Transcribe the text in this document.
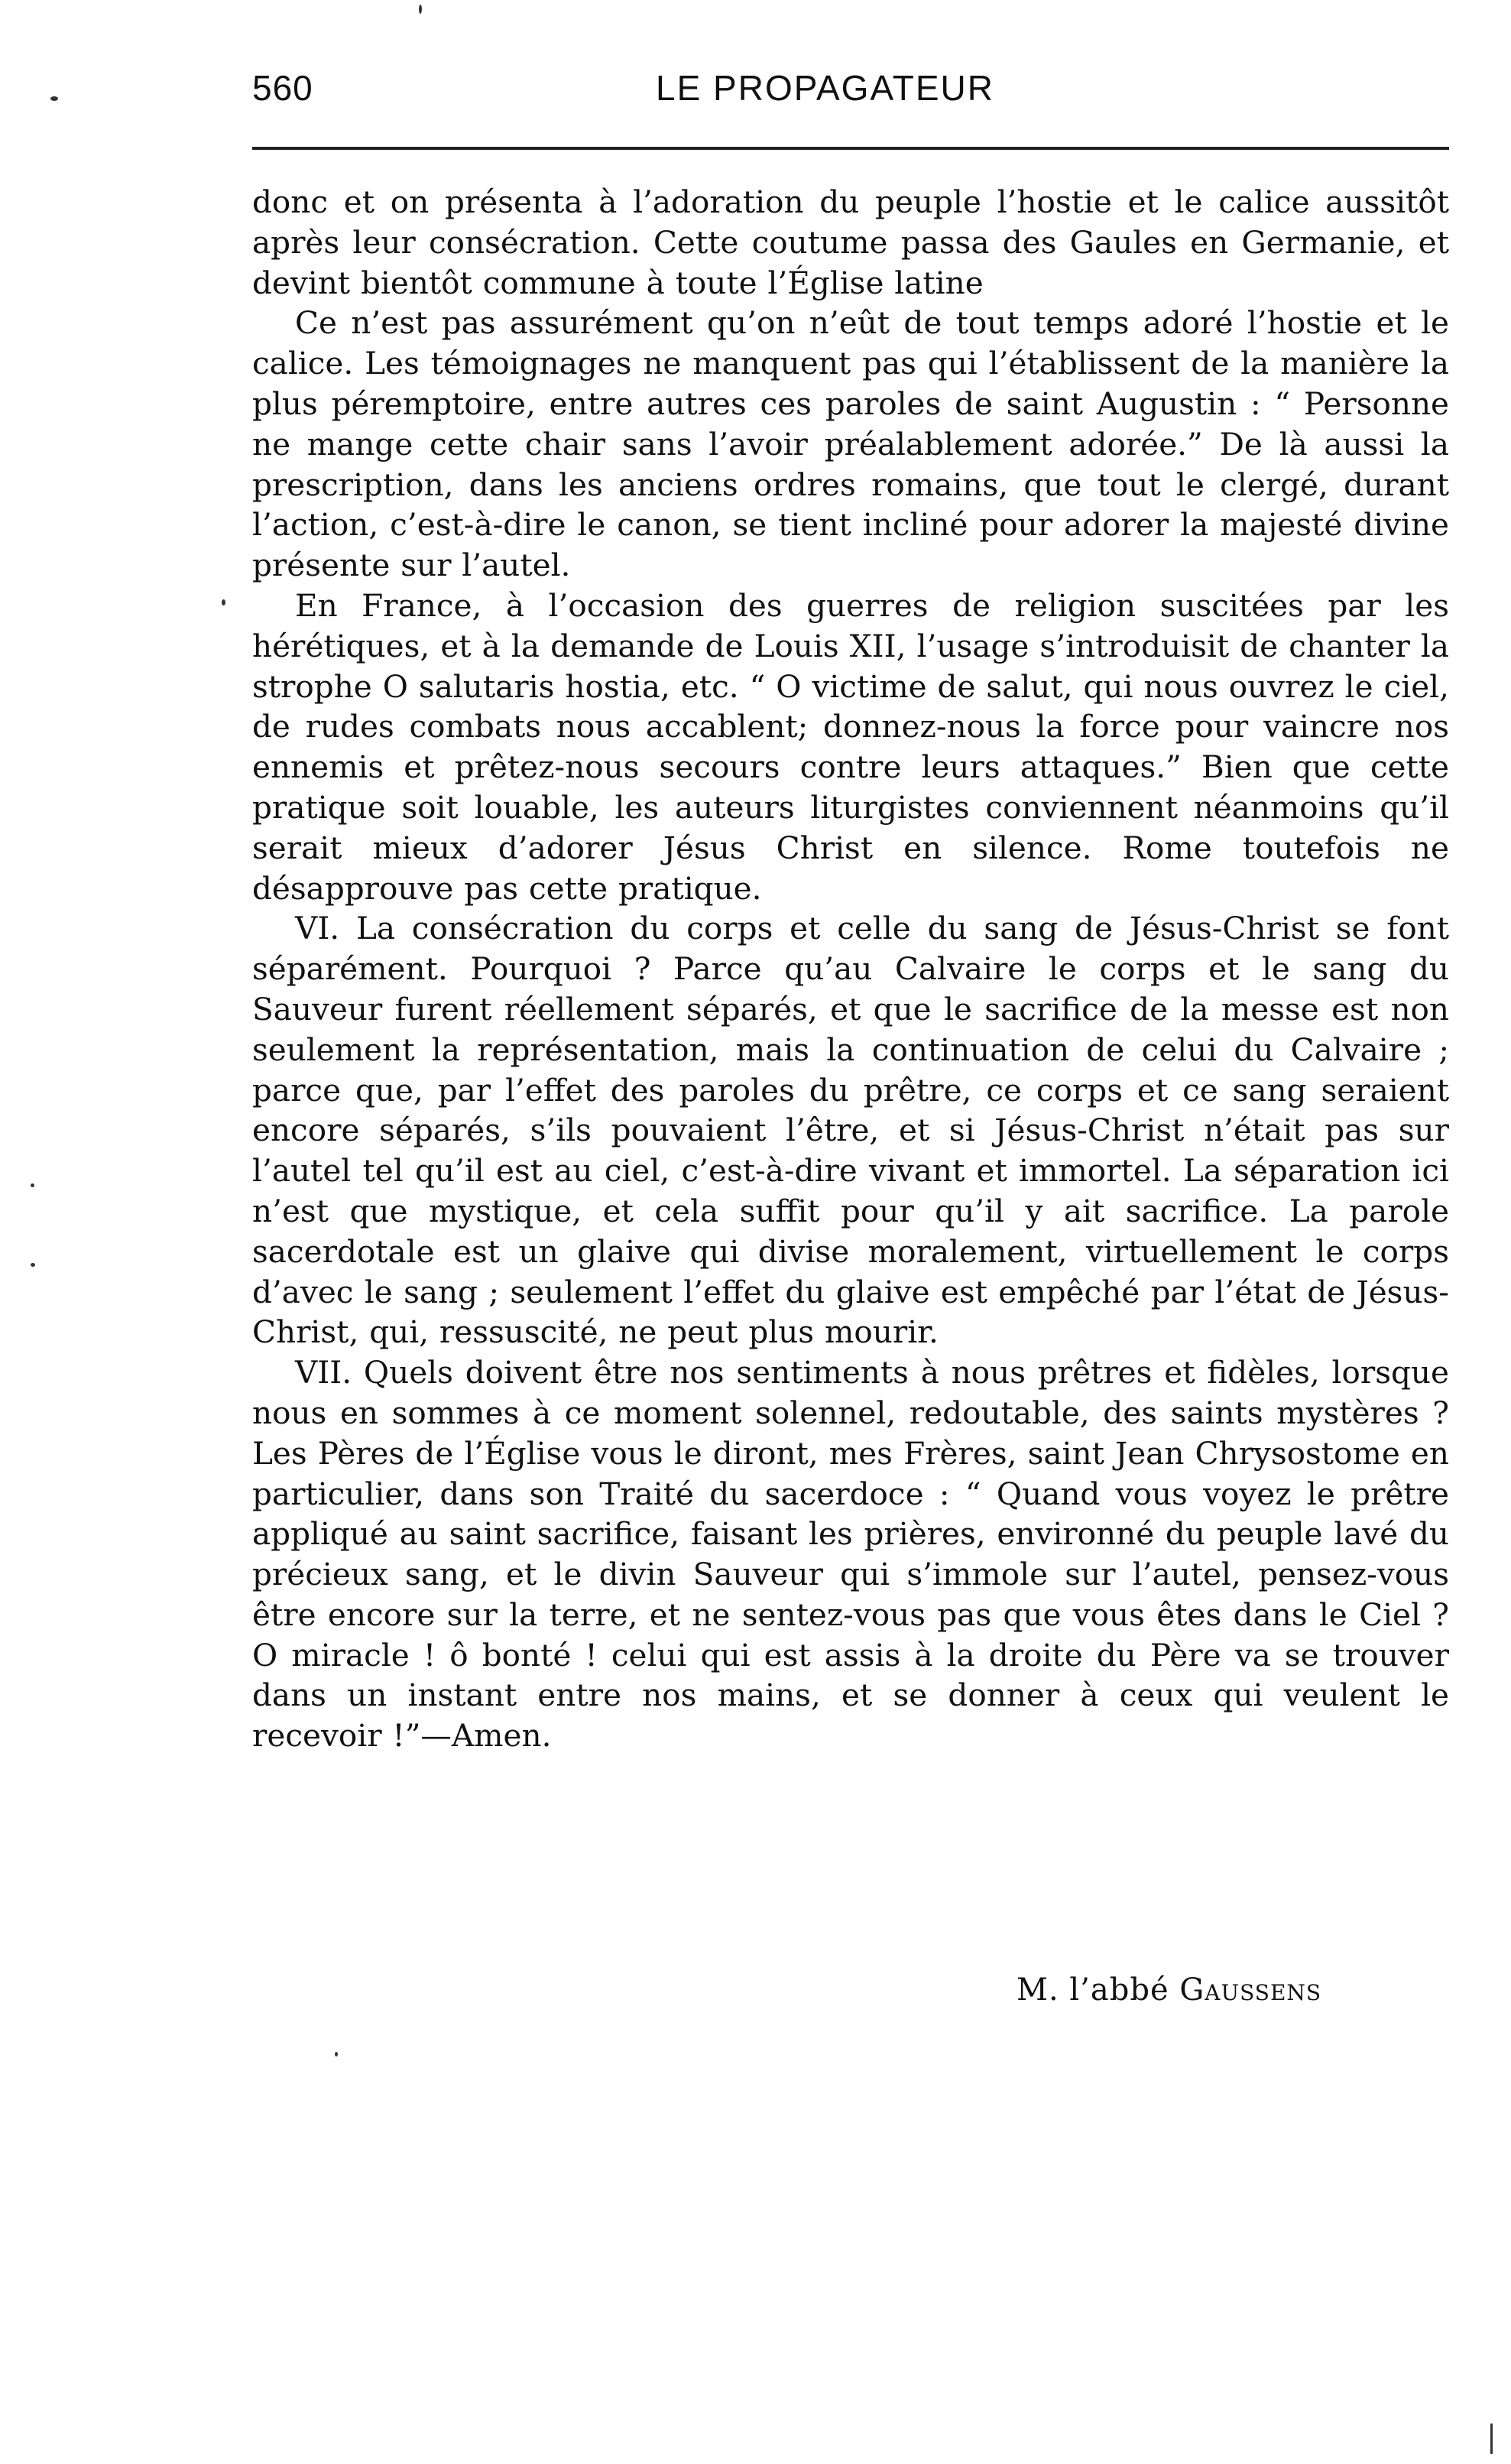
560	LE PROPAGATEUR

donc et on présenta à l’adoration du peuple l’hostie et le calice aussitôt après leur consécration. Cette coutume passa des Gaules en Germanie, et devint bientôt commune à toute l’Église latine

Ce n’est pas assurément qu’on n’eût de tout temps adoré l’hostie et le calice. Les témoignages ne manquent pas qui l’établissent de la manière la plus péremptoire, entre autres ces paroles de saint Augustin : “ Personne ne mange cette chair sans l’avoir préalablement adorée.” De là aussi la prescription, dans les anciens ordres romains, que tout le clergé, durant l’action, c’est-à-dire le canon, se tient incliné pour adorer la majesté divine présente sur l’autel.

En France, à l’occasion des guerres de religion suscitées par les hérétiques, et à la demande de Louis XII, l’usage s’introduisit de chanter la strophe O salutaris hostia, etc. “ O victime de salut, qui nous ouvrez le ciel, de rudes combats nous accablent; donnez-nous la force pour vaincre nos ennemis et prêtez-nous secours contre leurs attaques.” Bien que cette pratique soit louable, les auteurs liturgistes conviennent néanmoins qu’il serait mieux d’adorer Jésus Christ en silence. Rome toutefois ne désapprouve pas cette pratique.

VI. La consécration du corps et celle du sang de Jésus-Christ se font séparément. Pourquoi ? Parce qu’au Calvaire le corps et le sang du Sauveur furent réellement séparés, et que le sacrifice de la messe est non seulement la représentation, mais la continuation de celui du Calvaire ; parce que, par l’effet des paroles du prêtre, ce corps et ce sang seraient encore séparés, s’ils pouvaient l’être, et si Jésus-Christ n’était pas sur l’autel tel qu’il est au ciel, c’est-à-dire vivant et immortel. La séparation ici n’est que mystique, et cela suffit pour qu’il y ait sacrifice. La parole sacerdotale est un glaive qui divise moralement, virtuellement le corps d’avec le sang ; seulement l’effet du glaive est empêché par l’état de Jésus-Christ, qui, ressuscité, ne peut plus mourir.

VII. Quels doivent être nos sentiments à nous prêtres et fidèles, lorsque nous en sommes à ce moment solennel, redoutable, des saints mystères ? Les Pères de l’Église vous le diront, mes Frères, saint Jean Chrysostome en particulier, dans son Traité du sacerdoce : “ Quand vous voyez le prêtre appliqué au saint sacrifice, faisant les prières, environné du peuple lavé du précieux sang, et le divin Sauveur qui s’immole sur l’autel, pensez-vous être encore sur la terre, et ne sentez-vous pas que vous êtes dans le Ciel ? O miracle ! ô bonté ! celui qui est assis à la droite du Père va se trouver dans un instant entre nos mains, et se donner à ceux qui veulent le recevoir !”—Amen.

M. l’abbé Gaussens
